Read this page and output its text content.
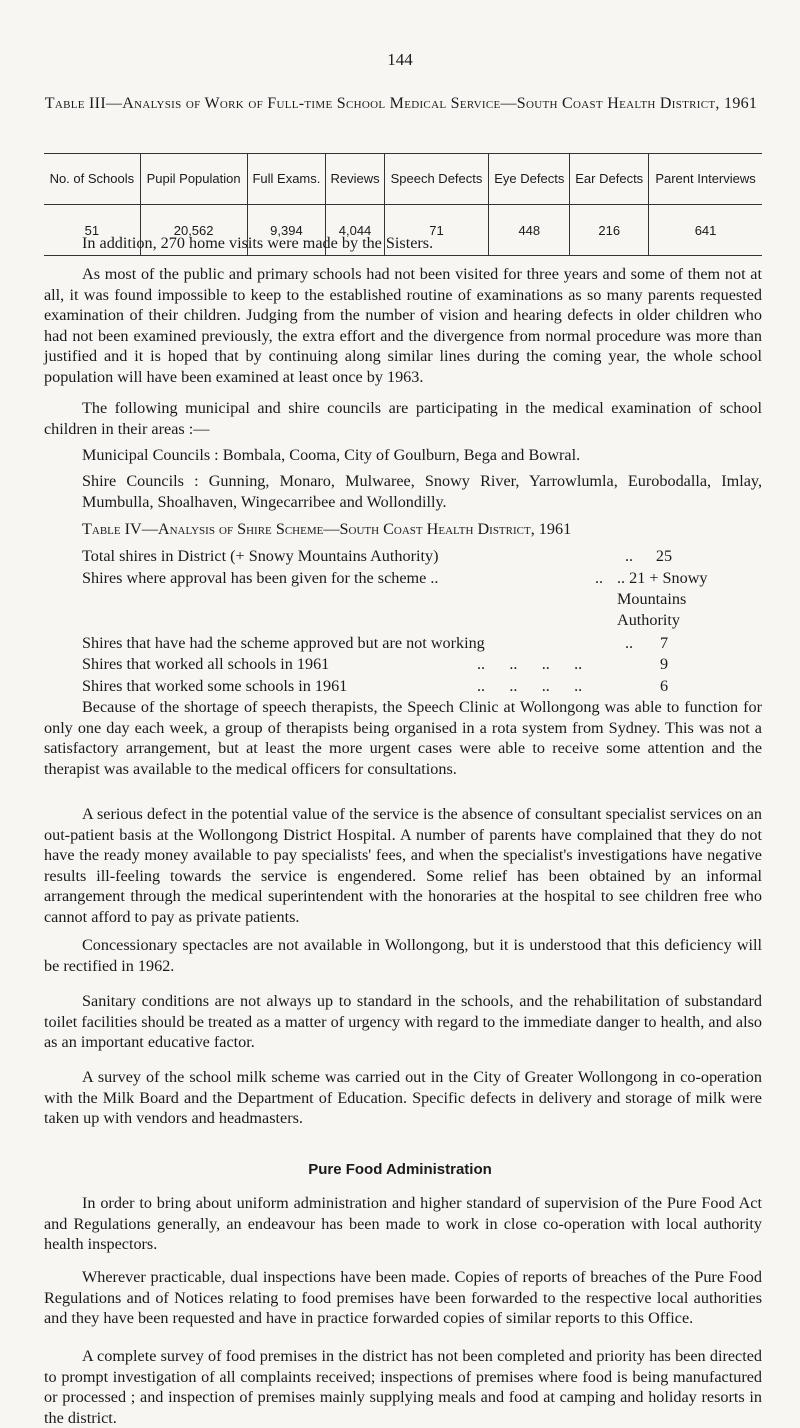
144
Table III—Analysis of Work of Full-time School Medical Service—South Coast Health District, 1961
No. of Schools	Pupil Population	Full Exams.	Reviews	Speech Defects	Eye Defects	Ear Defects	Parent Interviews
51	20,562	9,394	4,044	71	448	216	641
In addition, 270 home visits were made by the Sisters.
As most of the public and primary schools had not been visited for three years and some of them not at all, it was found impossible to keep to the established routine of examinations as so many parents requested examination of their children. Judging from the number of vision and hearing defects in older children who had not been examined previously, the extra effort and the divergence from normal procedure was more than justified and it is hoped that by continuing along similar lines during the coming year, the whole school population will have been examined at least once by 1963.
The following municipal and shire councils are participating in the medical examination of school children in their areas :—
Municipal Councils : Bombala, Cooma, City of Goulburn, Bega and Bowral.
Shire Councils : Gunning, Monaro, Mulwaree, Snowy River, Yarrowlumla, Eurobodalla, Imlay, Mumbulla, Shoalhaven, Wingecarribee and Wollondilly.
Table IV—Analysis of Shire Scheme—South Coast Health District, 1961
Total shires in District (+ Snowy Mountains Authority)	.. 25
Shires where approval has been given for the scheme ..	.. .. 21 + Snowy Mountains Authority
Shires that have had the scheme approved but are not working	.. 7
Shires that worked all schools in 1961	..      ..      ..      ..	9
Shires that worked some schools in 1961	..      ..      ..      ..	6
Because of the shortage of speech therapists, the Speech Clinic at Wollongong was able to function for only one day each week, a group of therapists being organised in a rota system from Sydney. This was not a satisfactory arrangement, but at least the more urgent cases were able to receive some attention and the therapist was available to the medical officers for consultations.
A serious defect in the potential value of the service is the absence of consultant specialist services on an out-patient basis at the Wollongong District Hospital. A number of parents have complained that they do not have the ready money available to pay specialists' fees, and when the specialist's investigations have negative results ill-feeling towards the service is engendered. Some relief has been obtained by an informal arrangement through the medical superintendent with the honoraries at the hospital to see children free who cannot afford to pay as private patients.
Concessionary spectacles are not available in Wollongong, but it is understood that this deficiency will be rectified in 1962.
Sanitary conditions are not always up to standard in the schools, and the rehabilitation of substandard toilet facilities should be treated as a matter of urgency with regard to the immediate danger to health, and also as an important educative factor.
A survey of the school milk scheme was carried out in the City of Greater Wollongong in co-operation with the Milk Board and the Department of Education. Specific defects in delivery and storage of milk were taken up with vendors and headmasters.
Pure Food Administration
In order to bring about uniform administration and higher standard of supervision of the Pure Food Act and Regulations generally, an endeavour has been made to work in close co-operation with local authority health inspectors.
Wherever practicable, dual inspections have been made. Copies of reports of breaches of the Pure Food Regulations and of Notices relating to food premises have been forwarded to the respective local authorities and they have been requested and have in practice forwarded copies of similar reports to this Office.
A complete survey of food premises in the district has not been completed and priority has been directed to prompt investigation of all complaints received; inspections of premises where food is being manufactured or processed ; and inspection of premises mainly supplying meals and food at camping and holiday resorts in the district.
